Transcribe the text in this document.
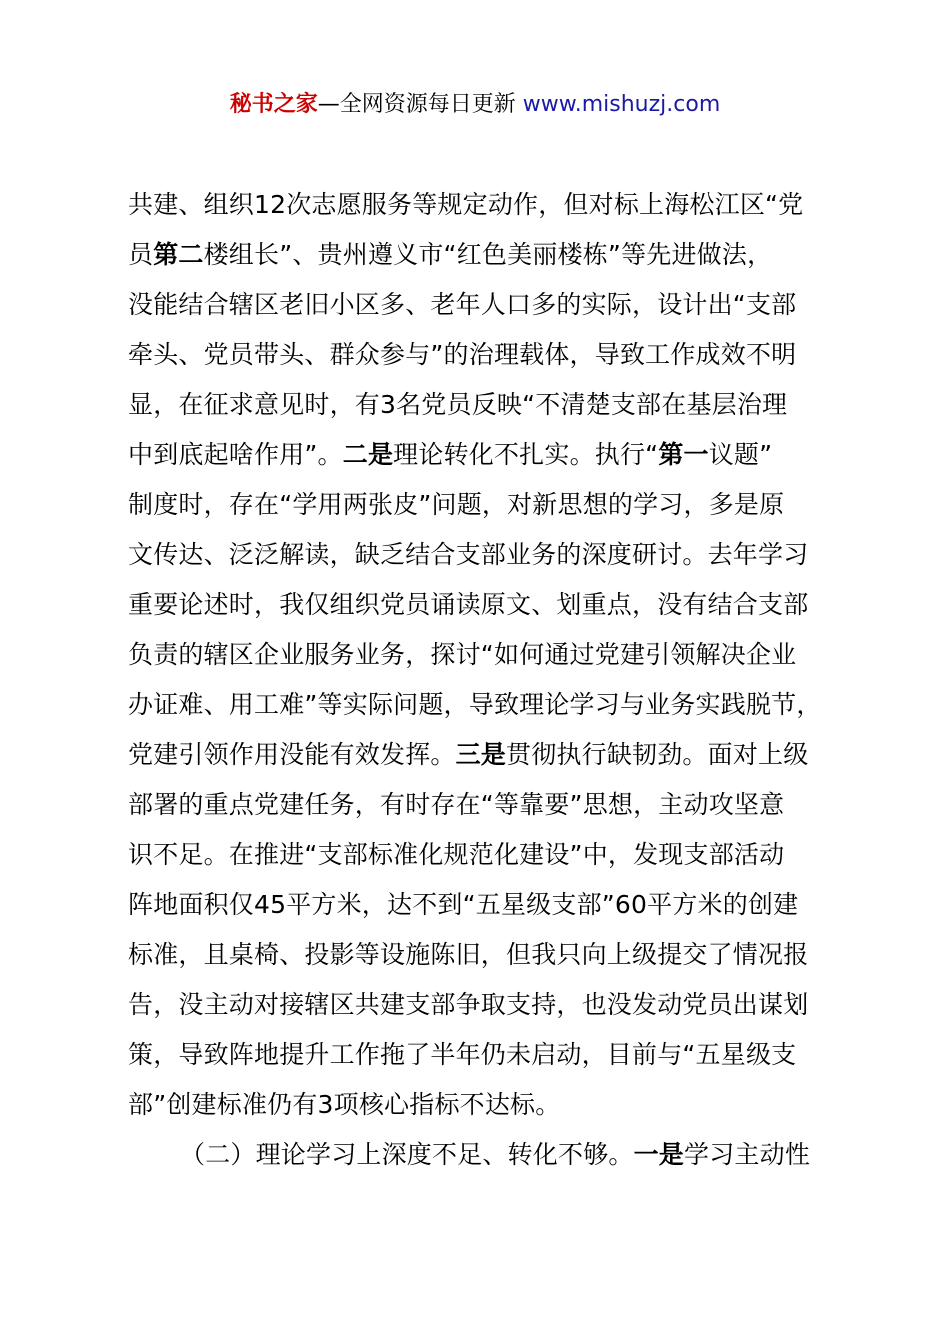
秘书之家—全网资源每日更新 www.mishuzj.com
共建、组织12次志愿服务等规定动作，但对标上海松江区“党
员第二楼组长”、贵州遵义市“红色美丽楼栋”等先进做法，
没能结合辖区老旧小区多、老年人口多的实际，设计出“支部
牵头、党员带头、群众参与”的治理载体，导致工作成效不明
显，在征求意见时，有3名党员反映“不清楚支部在基层治理
中到底起啥作用”。二是理论转化不扎实。执行“第一议题”
制度时，存在“学用两张皮”问题，对新思想的学习，多是原
文传达、泛泛解读，缺乏结合支部业务的深度研讨。去年学习
重要论述时，我仅组织党员诵读原文、划重点，没有结合支部
负责的辖区企业服务业务，探讨“如何通过党建引领解决企业
办证难、用工难”等实际问题，导致理论学习与业务实践脱节，
党建引领作用没能有效发挥。三是贯彻执行缺韧劲。面对上级
部署的重点党建任务，有时存在“等靠要”思想，主动攻坚意
识不足。在推进“支部标准化规范化建设”中，发现支部活动
阵地面积仅45平方米，达不到“五星级支部”60平方米的创建
标准，且桌椅、投影等设施陈旧，但我只向上级提交了情况报
告，没主动对接辖区共建支部争取支持，也没发动党员出谋划
策，导致阵地提升工作拖了半年仍未启动，目前与“五星级支
部”创建标准仍有3项核心指标不达标。
（二）理论学习上深度不足、转化不够。一是学习主动性
